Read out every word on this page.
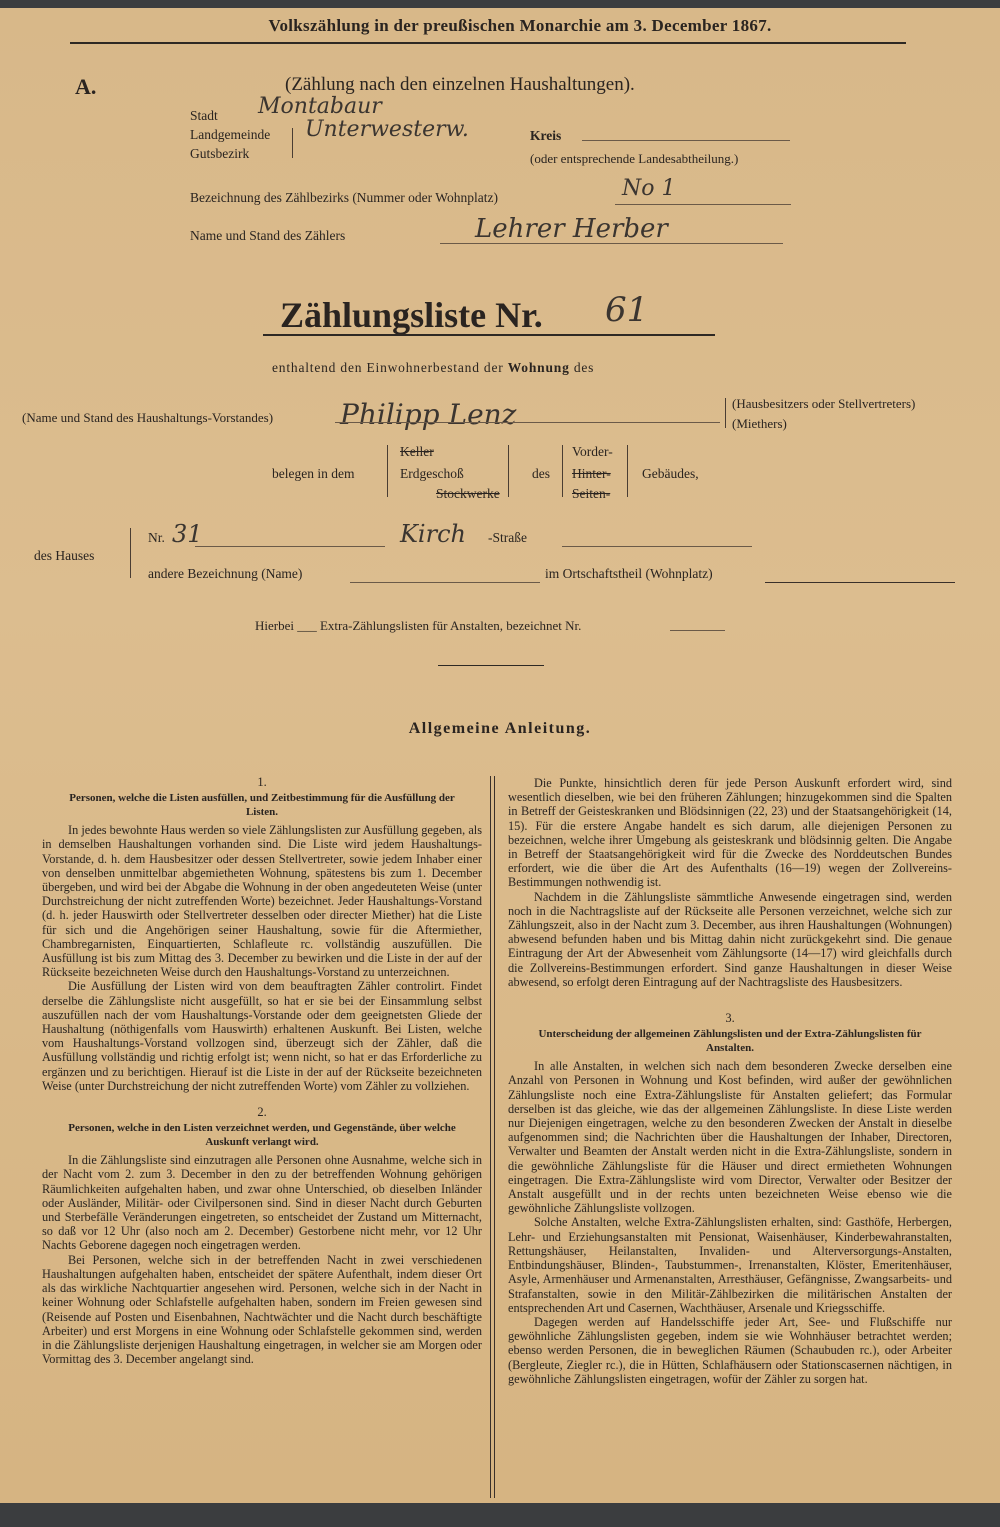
Volkszählung in der preußischen Monarchie am 3. December 1867.
A.	(Zählung nach den einzelnen Haushaltungen).
Stadt
Landgemeinde
Gutsbezirk
Montabaur
Unterwesterw.	Kreis
(oder entsprechende Landesabtheilung.)
Bezeichnung des Zählbezirks (Nummer oder Wohnplatz)	No 1
Name und Stand des Zählers	Lehrer Herber
Zählungsliste Nr. 61
enthaltend den Einwohnerbestand der Wohnung des
(Name und Stand des Haushaltungs-Vorstandes) Philipp Lenz	(Hausbesitzers oder Stellvertreters)
(Miethers)
belegen in dem
Keller
Erdgeschoß
Stockwerke
des
Vorder-
Hinter-
Seiten-
Gebäudes,
des Hauses
Nr. 31	Kirch -Straße
andere Bezeichnung (Name)	im Ortschaftstheil (Wohnplatz)
Hierbei ___ Extra-Zählungslisten für Anstalten, bezeichnet Nr.
Allgemeine Anleitung.
1.
Personen, welche die Listen ausfüllen, und Zeitbestimmung für die Ausfüllung der Listen.

In jedes bewohnte Haus werden so viele Zählungslisten zur Ausfüllung gegeben, als in demselben Haushaltungen vorhanden sind. Die Liste wird jedem Haushaltungs-Vorstande, d. h. dem Hausbesitzer oder dessen Stellvertreter, sowie jedem Inhaber einer von denselben unmittelbar abgemietheten Wohnung, spätestens bis zum 1. December übergeben, und wird bei der Abgabe die Wohnung in der oben angedeuteten Weise (unter Durchstreichung der nicht zutreffenden Worte) bezeichnet. Jeder Haushaltungs-Vorstand (d. h. jeder Hauswirth oder Stellvertreter desselben oder directer Miether) hat die Liste für sich und die Angehörigen seiner Haushaltung, sowie für die Aftermiether, Chambregarnisten, Einquartierten, Schlafleute rc. vollständig auszufüllen. Die Ausfüllung ist bis zum Mittag des 3. December zu bewirken und die Liste in der auf der Rückseite bezeichneten Weise durch den Haushaltungs-Vorstand zu unterzeichnen.

Die Ausfüllung der Listen wird von dem beauftragten Zähler controlirt. Findet derselbe die Zählungsliste nicht ausgefüllt, so hat er sie bei der Einsammlung selbst auszufüllen nach der vom Haushaltungs-Vorstande oder dem geeignetsten Gliede der Haushaltung (nöthigenfalls vom Hauswirth) erhaltenen Auskunft. Bei Listen, welche vom Haushaltungs-Vorstand vollzogen sind, überzeugt sich der Zähler, daß die Ausfüllung vollständig und richtig erfolgt ist; wenn nicht, so hat er das Erforderliche zu ergänzen und zu berichtigen. Hierauf ist die Liste in der auf der Rückseite bezeichneten Weise (unter Durchstreichung der nicht zutreffenden Worte) vom Zähler zu vollziehen.

2.
Personen, welche in den Listen verzeichnet werden, und Gegenstände, über welche Auskunft verlangt wird.

In die Zählungsliste sind einzutragen alle Personen ohne Ausnahme, welche sich in der Nacht vom 2. zum 3. December in den zu der betreffenden Wohnung gehörigen Räumlichkeiten aufgehalten haben, und zwar ohne Unterschied, ob dieselben Inländer oder Ausländer, Militär- oder Civilpersonen sind. Sind in dieser Nacht durch Geburten und Sterbefälle Veränderungen eingetreten, so entscheidet der Zustand um Mitternacht, so daß vor 12 Uhr (also noch am 2. December) Gestorbene nicht mehr, vor 12 Uhr Nachts Geborene dagegen noch eingetragen werden.

Bei Personen, welche sich in der betreffenden Nacht in zwei verschiedenen Haushaltungen aufgehalten haben, entscheidet der spätere Aufenthalt, indem dieser Ort als das wirkliche Nachtquartier angesehen wird. Personen, welche sich in der Nacht in keiner Wohnung oder Schlafstelle aufgehalten haben, sondern im Freien gewesen sind (Reisende auf Posten und Eisenbahnen, Nachtwächter und die Nacht durch beschäftigte Arbeiter) und erst Morgens in eine Wohnung oder Schlafstelle gekommen sind, werden in die Zählungsliste derjenigen Haushaltung eingetragen, in welcher sie am Morgen oder Vormittag des 3. December angelangt sind.

Die Punkte, hinsichtlich deren für jede Person Auskunft erfordert wird, sind wesentlich dieselben, wie bei den früheren Zählungen; hinzugekommen sind die Spalten in Betreff der Geisteskranken und Blödsinnigen (22, 23) und der Staatsangehörigkeit (14, 15). Für die erstere Angabe handelt es sich darum, alle diejenigen Personen zu bezeichnen, welche ihrer Umgebung als geisteskrank und blödsinnig gelten. Die Angabe in Betreff der Staatsangehörigkeit wird für die Zwecke des Norddeutschen Bundes erfordert, wie die über die Art des Aufenthalts (16—19) wegen der Zollvereins-Bestimmungen nothwendig ist.

Nachdem in die Zählungsliste sämmtliche Anwesende eingetragen sind, werden noch in die Nachtragsliste auf der Rückseite alle Personen verzeichnet, welche sich zur Zählungszeit, also in der Nacht zum 3. December, aus ihren Haushaltungen (Wohnungen) abwesend befunden haben und bis Mittag dahin nicht zurückgekehrt sind. Die genaue Eintragung der Art der Abwesenheit vom Zählungsorte (14—17) wird gleichfalls durch die Zollvereins-Bestimmungen erfordert. Sind ganze Haushaltungen in dieser Weise abwesend, so erfolgt deren Eintragung auf der Nachtragsliste des Hausbesitzers.

3.
Unterscheidung der allgemeinen Zählungslisten und der Extra-Zählungslisten für Anstalten.

In alle Anstalten, in welchen sich nach dem besonderen Zwecke derselben eine Anzahl von Personen in Wohnung und Kost befinden, wird außer der gewöhnlichen Zählungsliste noch eine Extra-Zählungsliste für Anstalten geliefert; das Formular derselben ist das gleiche, wie das der allgemeinen Zählungsliste. In diese Liste werden nur Diejenigen eingetragen, welche zu den besonderen Zwecken der Anstalt in dieselbe aufgenommen sind; die Nachrichten über die Haushaltungen der Inhaber, Directoren, Verwalter und Beamten der Anstalt werden nicht in die Extra-Zählungsliste, sondern in die gewöhnliche Zählungsliste für die Häuser und direct ermietheten Wohnungen eingetragen. Die Extra-Zählungsliste wird vom Director, Verwalter oder Besitzer der Anstalt ausgefüllt und in der rechts unten bezeichneten Weise ebenso wie die gewöhnliche Zählungsliste vollzogen.

Solche Anstalten, welche Extra-Zählungslisten erhalten, sind: Gasthöfe, Herbergen, Lehr- und Erziehungsanstalten mit Pensionat, Waisenhäuser, Kinderbewahranstalten, Rettungshäuser, Heilanstalten, Invaliden- und Alterversorgungs-Anstalten, Entbindungshäuser, Blinden-, Taubstummen-, Irrenanstalten, Klöster, Emeritenhäuser, Asyle, Armenhäuser und Armenanstalten, Arresthäuser, Gefängnisse, Zwangsarbeits- und Strafanstalten, sowie in den Militär-Zählbezirken die militärischen Anstalten der entsprechenden Art und Casernen, Wachthäuser, Arsenale und Kriegsschiffe.

Dagegen werden auf Handelsschiffe jeder Art, See- und Flußschiffe nur gewöhnliche Zählungslisten gegeben, indem sie wie Wohnhäuser betrachtet werden; ebenso werden Personen, die in beweglichen Räumen (Schaubuden rc.), oder Arbeiter (Bergleute, Ziegler rc.), die in Hütten, Schlafhäusern oder Stationscasernen nächtigen, in gewöhnliche Zählungslisten eingetragen, wofür der Zähler zu sorgen hat.
